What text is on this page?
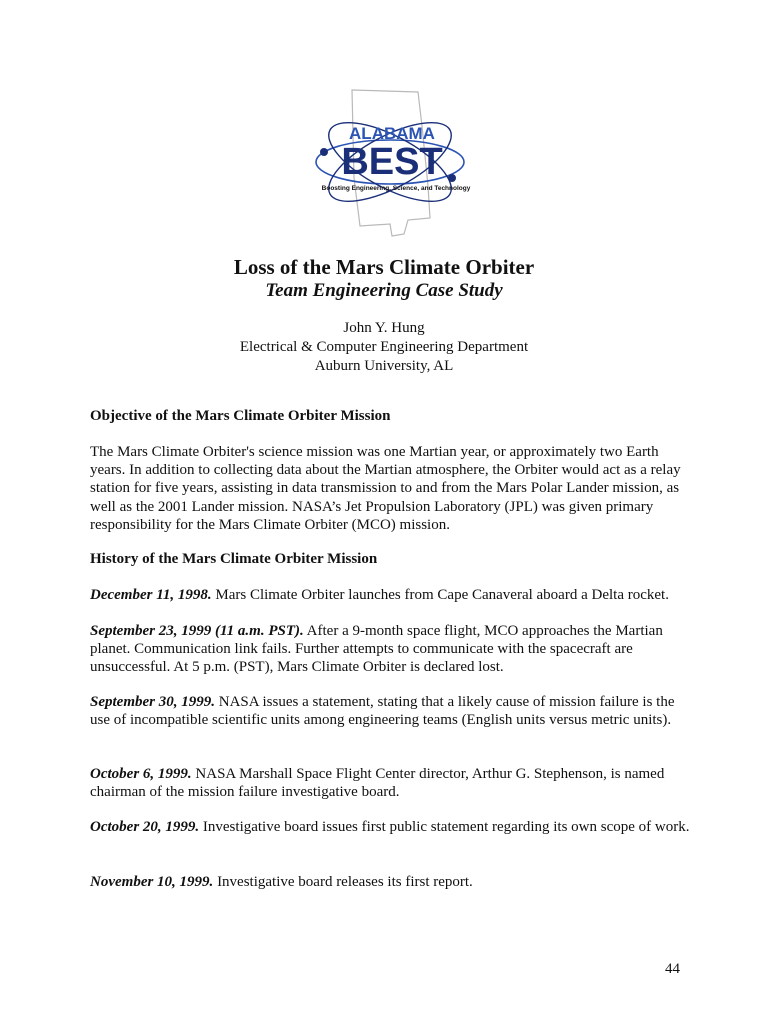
ALABAMA
BEST
Boosting Engineering, Science, and Technology
Loss of the Mars Climate Orbiter
Team Engineering Case Study
John Y. Hung
Electrical & Computer Engineering Department
Auburn University, AL
Objective of the Mars Climate Orbiter Mission
The Mars Climate Orbiter's science mission was one Martian year, or approximately two Earth years. In addition to collecting data about the Martian atmosphere, the Orbiter would act as a relay station for five years, assisting in data transmission to and from the Mars Polar Lander mission, as well as the 2001 Lander mission. NASA’s Jet Propulsion Laboratory (JPL) was given primary responsibility for the Mars Climate Orbiter (MCO) mission.
History of the Mars Climate Orbiter Mission
December 11, 1998. Mars Climate Orbiter launches from Cape Canaveral aboard a Delta rocket.
September 23, 1999 (11 a.m. PST). After a 9-month space flight, MCO approaches the Martian planet. Communication link fails. Further attempts to communicate with the spacecraft are unsuccessful. At 5 p.m. (PST), Mars Climate Orbiter is declared lost.
September 30, 1999. NASA issues a statement, stating that a likely cause of mission failure is the use of incompatible scientific units among engineering teams (English units versus metric units).
October 6, 1999. NASA Marshall Space Flight Center director, Arthur G. Stephenson, is named chairman of the mission failure investigative board.
October 20, 1999. Investigative board issues first public statement regarding its own scope of work.
November 10, 1999. Investigative board releases its first report.
44
